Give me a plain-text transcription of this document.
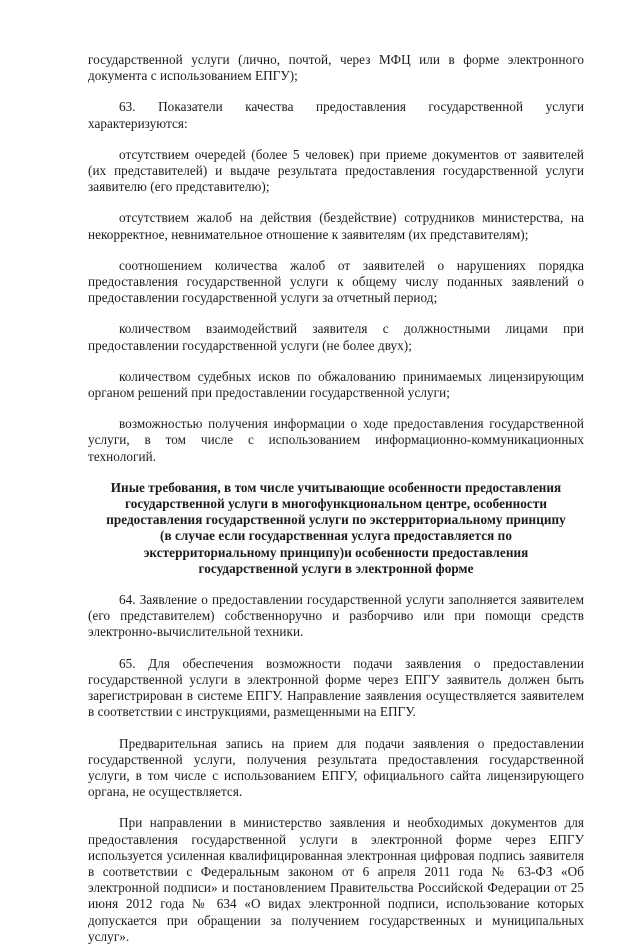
государственной услуги (лично, почтой, через МФЦ или в форме электронного документа с использованием ЕПГУ);

63. Показатели качества предоставления государственной услуги характеризуются:

отсутствием очередей (более 5 человек) при приеме документов от заявителей (их представителей) и выдаче результата предоставления государственной услуги заявителю (его представителю);

отсутствием жалоб на действия (бездействие) сотрудников министерства, на некорректное, невнимательное отношение к заявителям (их представителям);

соотношением количества жалоб от заявителей о нарушениях порядка предоставления государственной услуги к общему числу поданных заявлений о предоставлении государственной услуги за отчетный период;

количеством взаимодействий заявителя с должностными лицами при предоставлении государственной услуги (не более двух);

количеством судебных исков по обжалованию принимаемых лицензирующим органом решений при предоставлении государственной услуги;

возможностью получения информации о ходе предоставления государственной услуги, в том числе с использованием информационно-коммуникационных технологий.

Иные требования, в том числе учитывающие особенности предоставления государственной услуги в многофункциональном центре, особенности предоставления государственной услуги по экстерриториальному принципу (в случае если государственная услуга предоставляется по экстерриториальному принципу)и особенности предоставления государственной услуги в электронной форме

64. Заявление о предоставлении государственной услуги заполняется заявителем (его представителем) собственноручно и разборчиво или при помощи средств электронно-вычислительной техники.

65. Для обеспечения возможности подачи заявления о предоставлении государственной услуги в электронной форме через ЕПГУ заявитель должен быть зарегистрирован в системе ЕПГУ. Направление заявления осуществляется заявителем в соответствии с инструкциями, размещенными на ЕПГУ.

Предварительная запись на прием для подачи заявления о предоставлении государственной услуги, получения результата предоставления государственной услуги, в том числе с использованием ЕПГУ, официального сайта лицензирующего органа, не осуществляется.

При направлении в министерство заявления и необходимых документов для предоставления государственной услуги в электронной форме через ЕПГУ используется усиленная квалифицированная электронная цифровая подпись заявителя в соответствии с Федеральным законом от 6 апреля 2011 года № 63-ФЗ «Об электронной подписи» и постановлением Правительства Российской Федерации от 25 июня 2012 года № 634 «О видах электронной подписи, использование которых допускается при обращении за получением государственных и муниципальных услуг».
